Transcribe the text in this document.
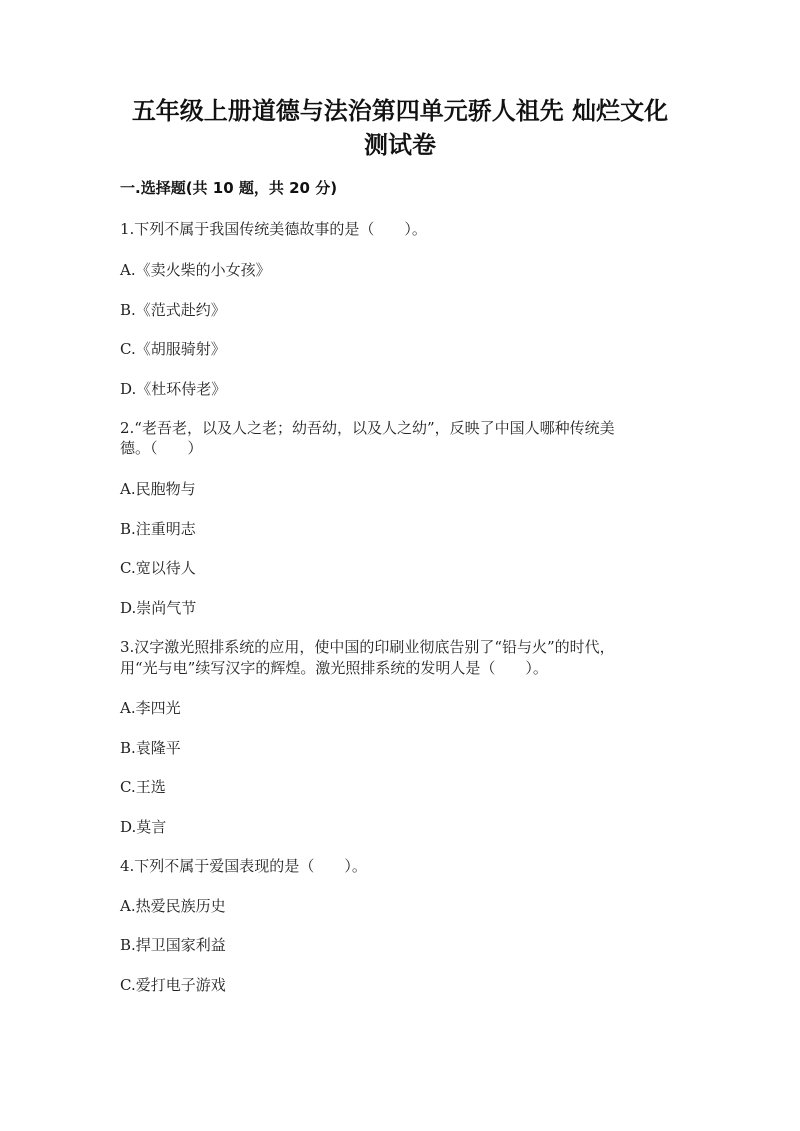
五年级上册道德与法治第四单元骄人祖先 灿烂文化
测试卷
一.选择题(共 10 题，共 20 分)
1.下列不属于我国传统美德故事的是（　　）。
A.《卖火柴的小女孩》
B.《范式赴约》
C.《胡服骑射》
D.《杜环侍老》
2.“老吾老，以及人之老；幼吾幼，以及人之幼”，反映了中国人哪种传统美
德。（　　）
A.民胞物与
B.注重明志
C.宽以待人
D.崇尚气节
3.汉字激光照排系统的应用，使中国的印刷业彻底告别了“铅与火”的时代，
用“光与电”续写汉字的辉煌。激光照排系统的发明人是（　　）。
A.李四光
B.袁隆平
C.王选
D.莫言
4.下列不属于爱国表现的是（　　）。
A.热爱民族历史
B.捍卫国家利益
C.爱打电子游戏
